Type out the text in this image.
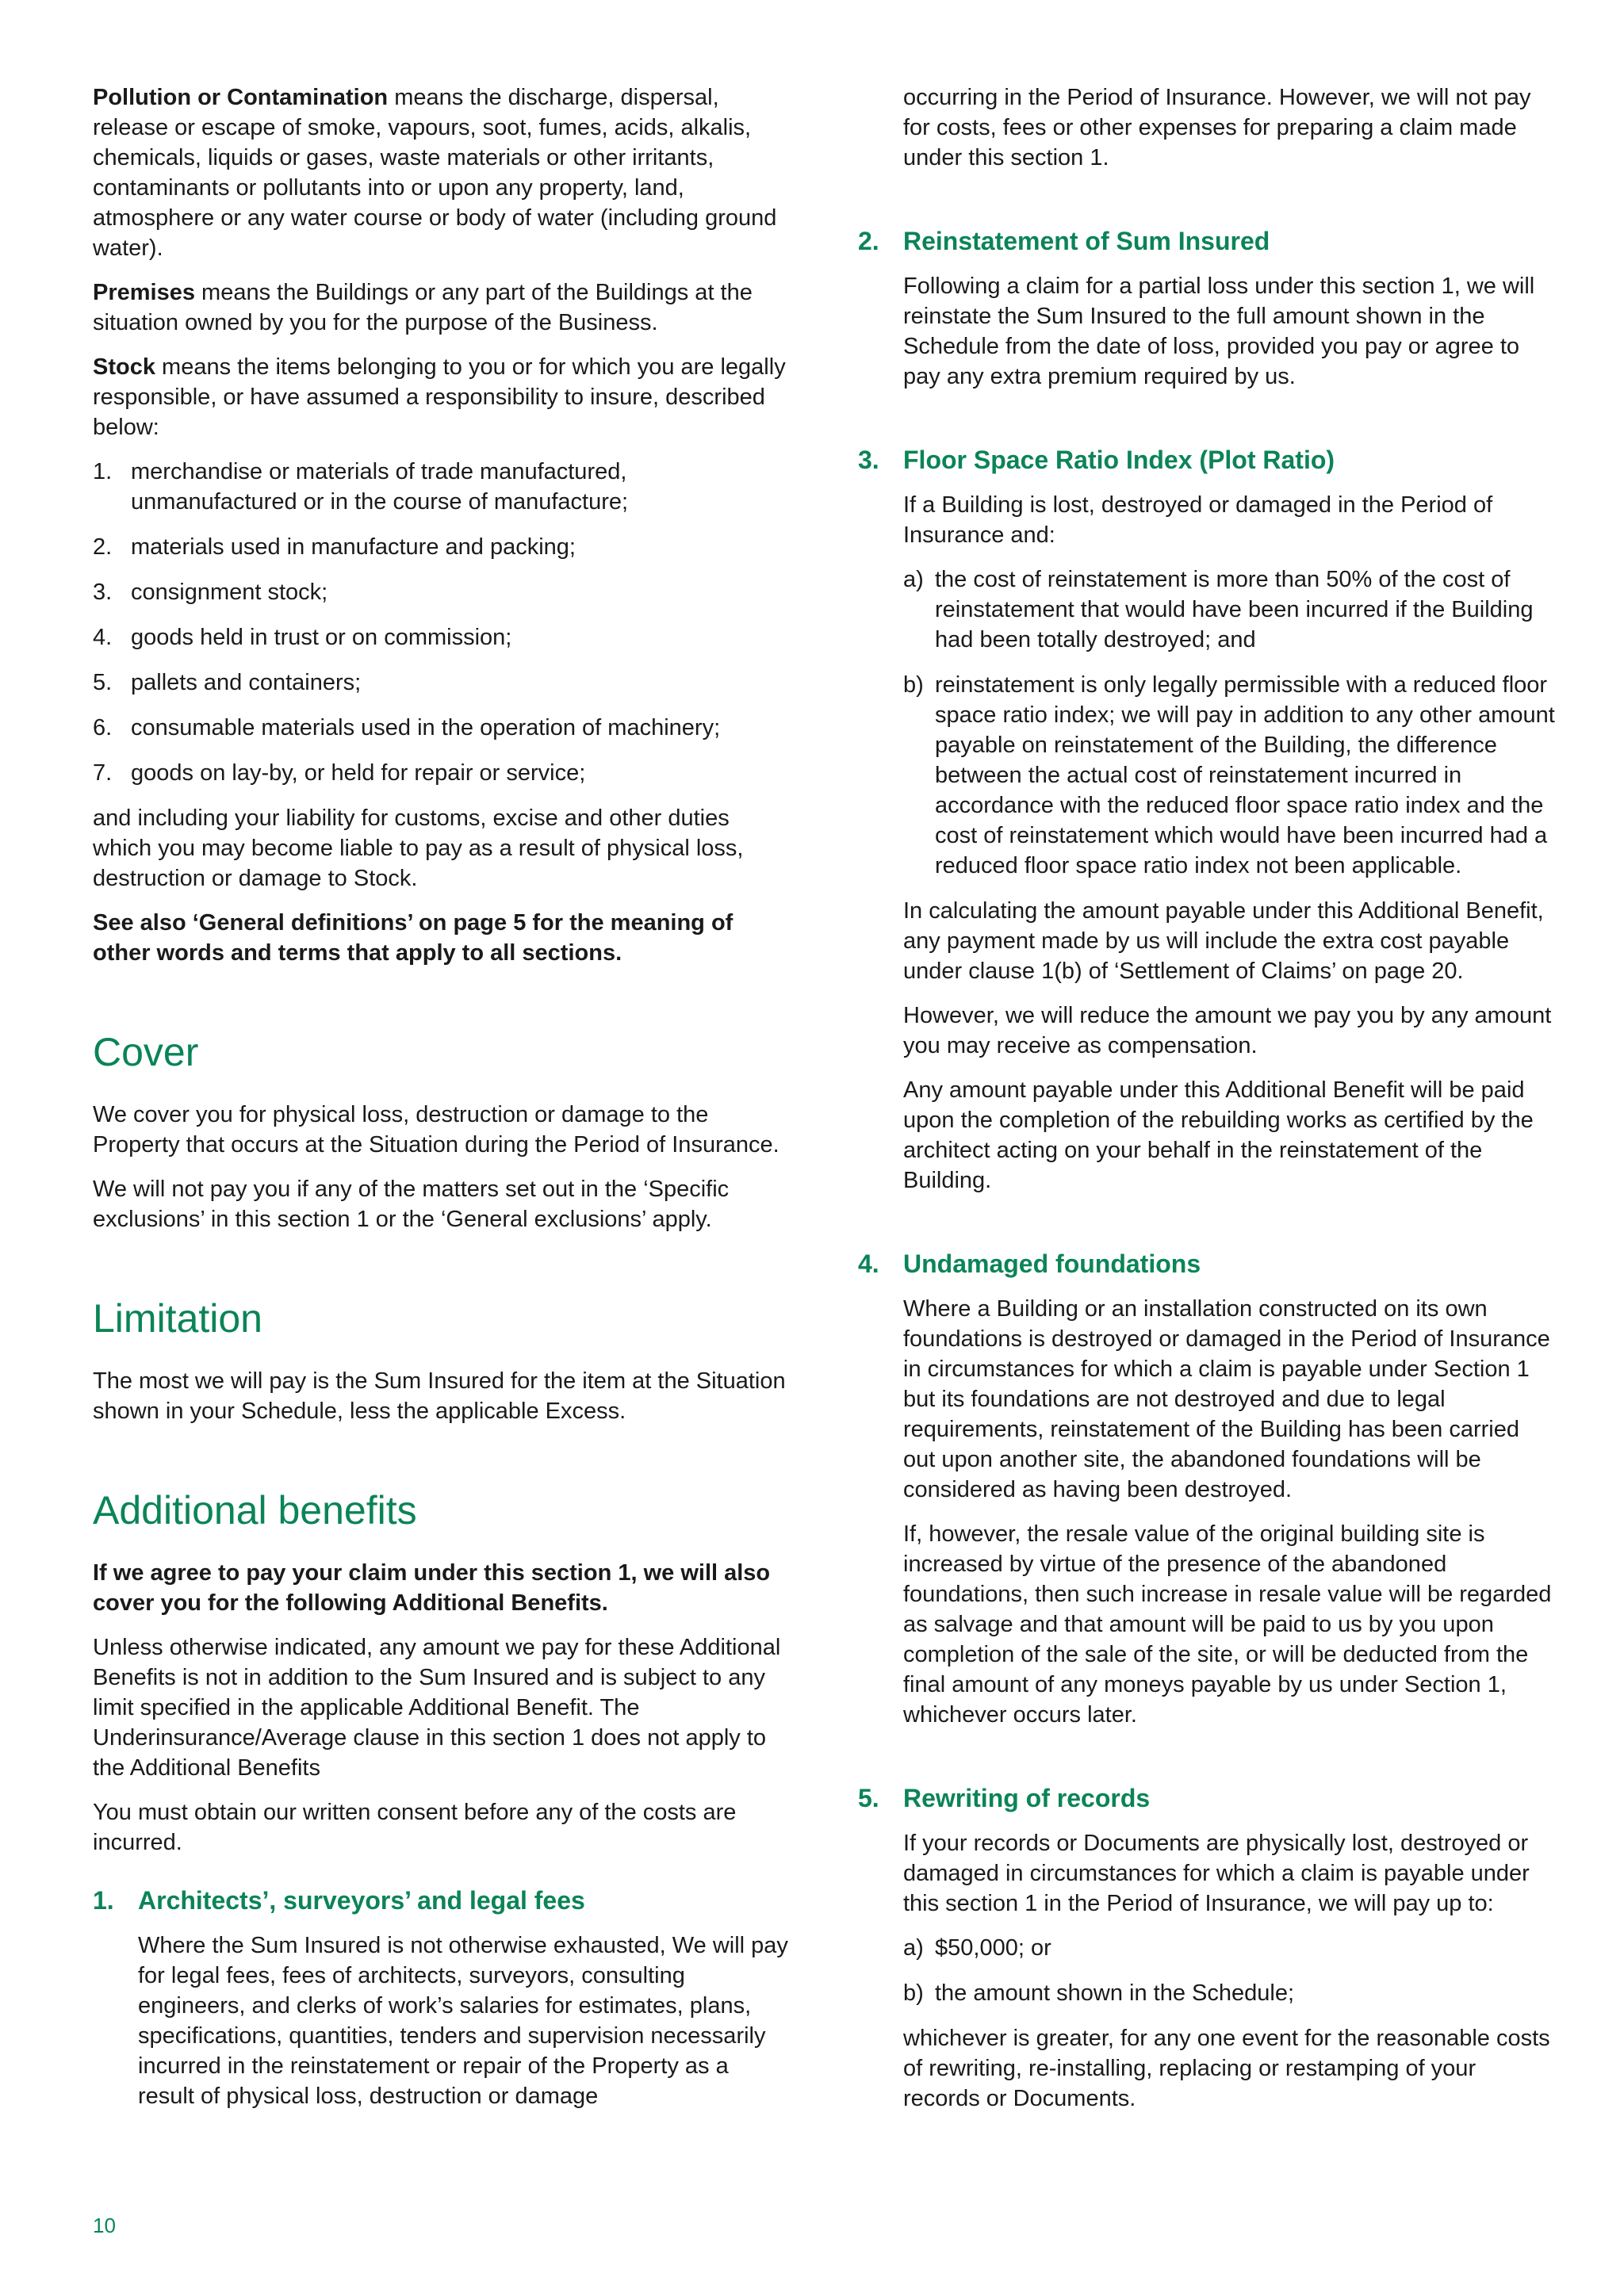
Pollution or Contamination means the discharge, dispersal, release or escape of smoke, vapours, soot, fumes, acids, alkalis, chemicals, liquids or gases, waste materials or other irritants, contaminants or pollutants into or upon any property, land, atmosphere or any water course or body of water (including ground water).

Premises means the Buildings or any part of the Buildings at the situation owned by you for the purpose of the Business.

Stock means the items belonging to you or for which you are legally responsible, or have assumed a responsibility to insure, described below:

1. merchandise or materials of trade manufactured, unmanufactured or in the course of manufacture;
2. materials used in manufacture and packing;
3. consignment stock;
4. goods held in trust or on commission;
5. pallets and containers;
6. consumable materials used in the operation of machinery;
7. goods on lay-by, or held for repair or service;

and including your liability for customs, excise and other duties which you may become liable to pay as a result of physical loss, destruction or damage to Stock.

See also ‘General definitions’ on page 5 for the meaning of other words and terms that apply to all sections.

Cover

We cover you for physical loss, destruction or damage to the Property that occurs at the Situation during the Period of Insurance.

We will not pay you if any of the matters set out in the ‘Specific exclusions’ in this section 1 or the ‘General exclusions’ apply.

Limitation

The most we will pay is the Sum Insured for the item at the Situation shown in your Schedule, less the applicable Excess.

Additional benefits

If we agree to pay your claim under this section 1, we will also cover you for the following Additional Benefits.

Unless otherwise indicated, any amount we pay for these Additional Benefits is not in addition to the Sum Insured and is subject to any limit specified in the applicable Additional Benefit. The Underinsurance/Average clause in this section 1 does not apply to the Additional Benefits

You must obtain our written consent before any of the costs are incurred.

1. Architects’, surveyors’ and legal fees

Where the Sum Insured is not otherwise exhausted, We will pay for legal fees, fees of architects, surveyors, consulting engineers, and clerks of work’s salaries for estimates, plans, specifications, quantities, tenders and supervision necessarily incurred in the reinstatement or repair of the Property as a result of physical loss, destruction or damage

occurring in the Period of Insurance. However, we will not pay for costs, fees or other expenses for preparing a claim made under this section 1.

2. Reinstatement of Sum Insured

Following a claim for a partial loss under this section 1, we will reinstate the Sum Insured to the full amount shown in the Schedule from the date of loss, provided you pay or agree to pay any extra premium required by us.

3. Floor Space Ratio Index (Plot Ratio)

If a Building is lost, destroyed or damaged in the Period of Insurance and:

a) the cost of reinstatement is more than 50% of the cost of reinstatement that would have been incurred if the Building had been totally destroyed; and
b) reinstatement is only legally permissible with a reduced floor space ratio index; we will pay in addition to any other amount payable on reinstatement of the Building, the difference between the actual cost of reinstatement incurred in accordance with the reduced floor space ratio index and the cost of reinstatement which would have been incurred had a reduced floor space ratio index not been applicable.

In calculating the amount payable under this Additional Benefit, any payment made by us will include the extra cost payable under clause 1(b) of ‘Settlement of Claims’ on page 20.

However, we will reduce the amount we pay you by any amount you may receive as compensation.

Any amount payable under this Additional Benefit will be paid upon the completion of the rebuilding works as certified by the architect acting on your behalf in the reinstatement of the Building.

4. Undamaged foundations

Where a Building or an installation constructed on its own foundations is destroyed or damaged in the Period of Insurance in circumstances for which a claim is payable under Section 1 but its foundations are not destroyed and due to legal requirements, reinstatement of the Building has been carried out upon another site, the abandoned foundations will be considered as having been destroyed.

If, however, the resale value of the original building site is increased by virtue of the presence of the abandoned foundations, then such increase in resale value will be regarded as salvage and that amount will be paid to us by you upon completion of the sale of the site, or will be deducted from the final amount of any moneys payable by us under Section 1, whichever occurs later.

5. Rewriting of records

If your records or Documents are physically lost, destroyed or damaged in circumstances for which a claim is payable under this section 1 in the Period of Insurance, we will pay up to:

a) $50,000; or
b) the amount shown in the Schedule;

whichever is greater, for any one event for the reasonable costs of rewriting, re-installing, replacing or restamping of your records or Documents.

10
